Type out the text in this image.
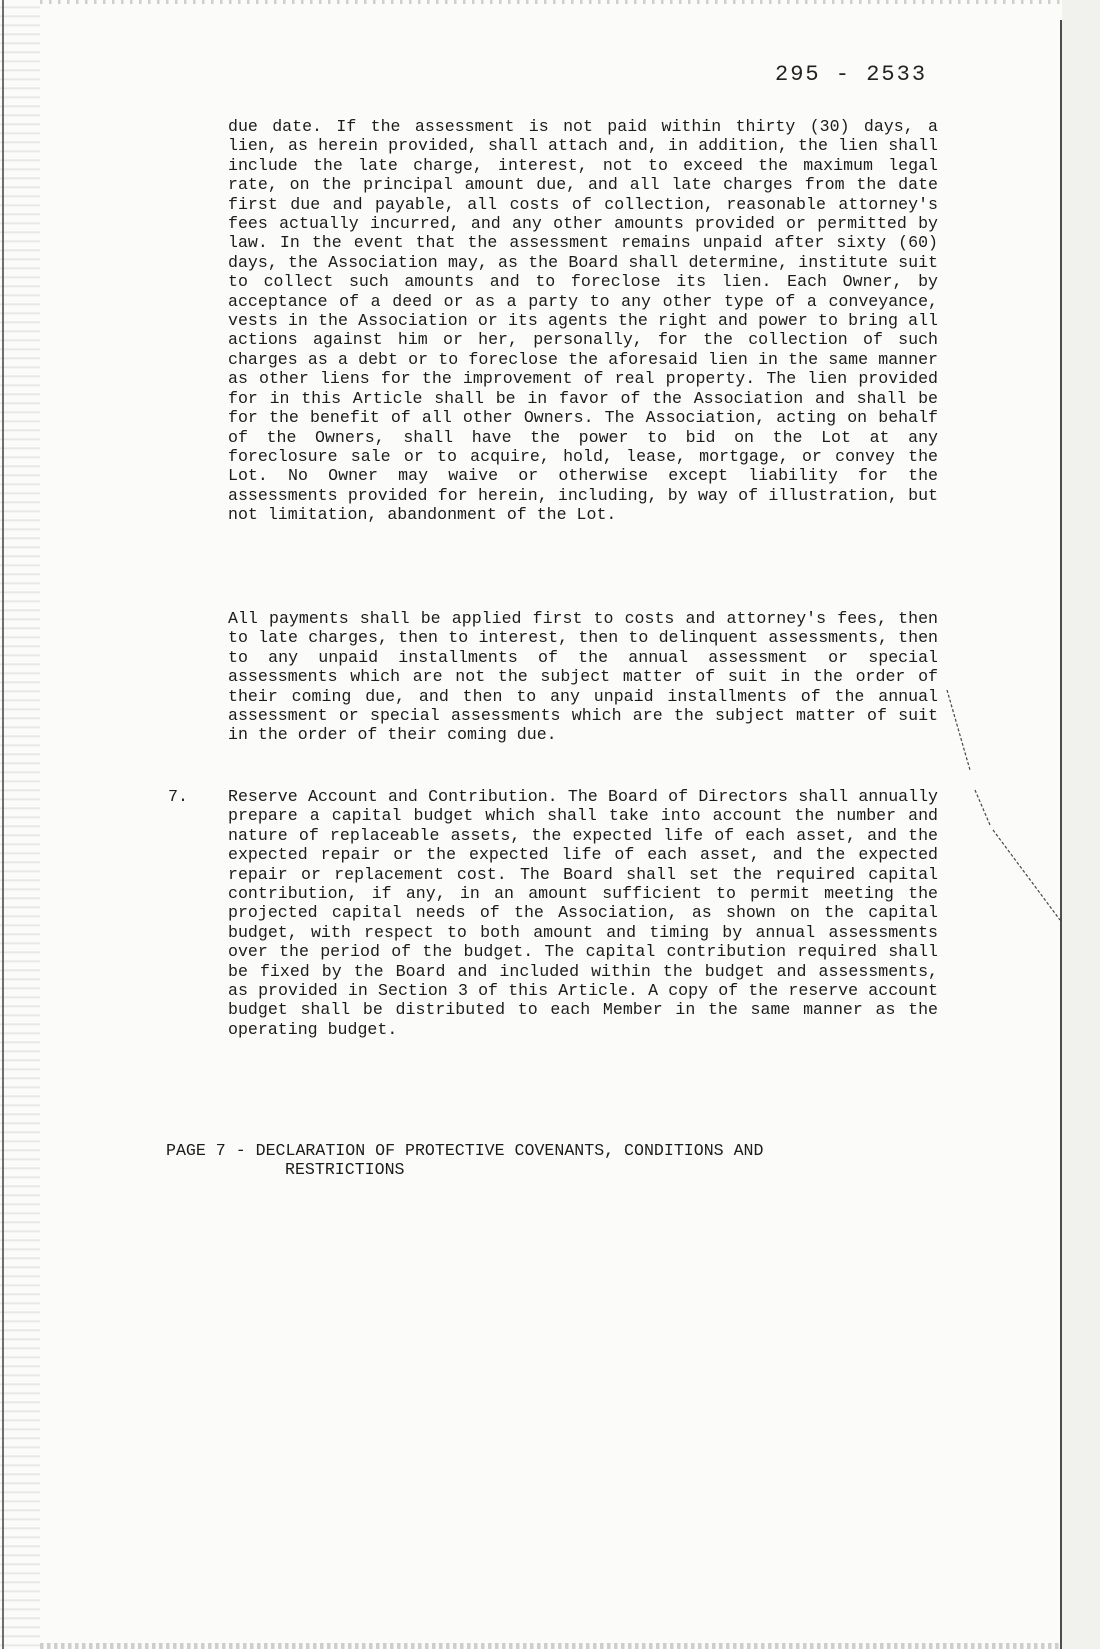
295 - 2533

due date. If the assessment is not paid within thirty (30) days, a lien, as herein provided, shall attach and, in addition, the lien shall include the late charge, interest, not to exceed the maximum legal rate, on the principal amount due, and all late charges from the date first due and payable, all costs of collection, reasonable attorney's fees actually incurred, and any other amounts provided or permitted by law. In the event that the assessment remains unpaid after sixty (60) days, the Association may, as the Board shall determine, institute suit to collect such amounts and to foreclose its lien. Each Owner, by acceptance of a deed or as a party to any other type of a conveyance, vests in the Association or its agents the right and power to bring all actions against him or her, personally, for the collection of such charges as a debt or to foreclose the aforesaid lien in the same manner as other liens for the improvement of real property. The lien provided for in this Article shall be in favor of the Association and shall be for the benefit of all other Owners. The Association, acting on behalf of the Owners, shall have the power to bid on the Lot at any foreclosure sale or to acquire, hold, lease, mortgage, or convey the Lot. No Owner may waive or otherwise except liability for the assessments provided for herein, including, by way of illustration, but not limitation, abandonment of the Lot.

All payments shall be applied first to costs and attorney's fees, then to late charges, then to interest, then to delinquent assessments, then to any unpaid installments of the annual assessment or special assessments which are not the subject matter of suit in the order of their coming due, and then to any unpaid installments of the annual assessment or special assessments which are the subject matter of suit in the order of their coming due.

7. Reserve Account and Contribution. The Board of Directors shall annually prepare a capital budget which shall take into account the number and nature of replaceable assets, the expected life of each asset, and the expected repair or the expected life of each asset, and the expected repair or replacement cost. The Board shall set the required capital contribution, if any, in an amount sufficient to permit meeting the projected capital needs of the Association, as shown on the capital budget, with respect to both amount and timing by annual assessments over the period of the budget. The capital contribution required shall be fixed by the Board and included within the budget and assessments, as provided in Section 3 of this Article. A copy of the reserve account budget shall be distributed to each Member in the same manner as the operating budget.

PAGE 7 - DECLARATION OF PROTECTIVE COVENANTS, CONDITIONS AND
RESTRICTIONS
